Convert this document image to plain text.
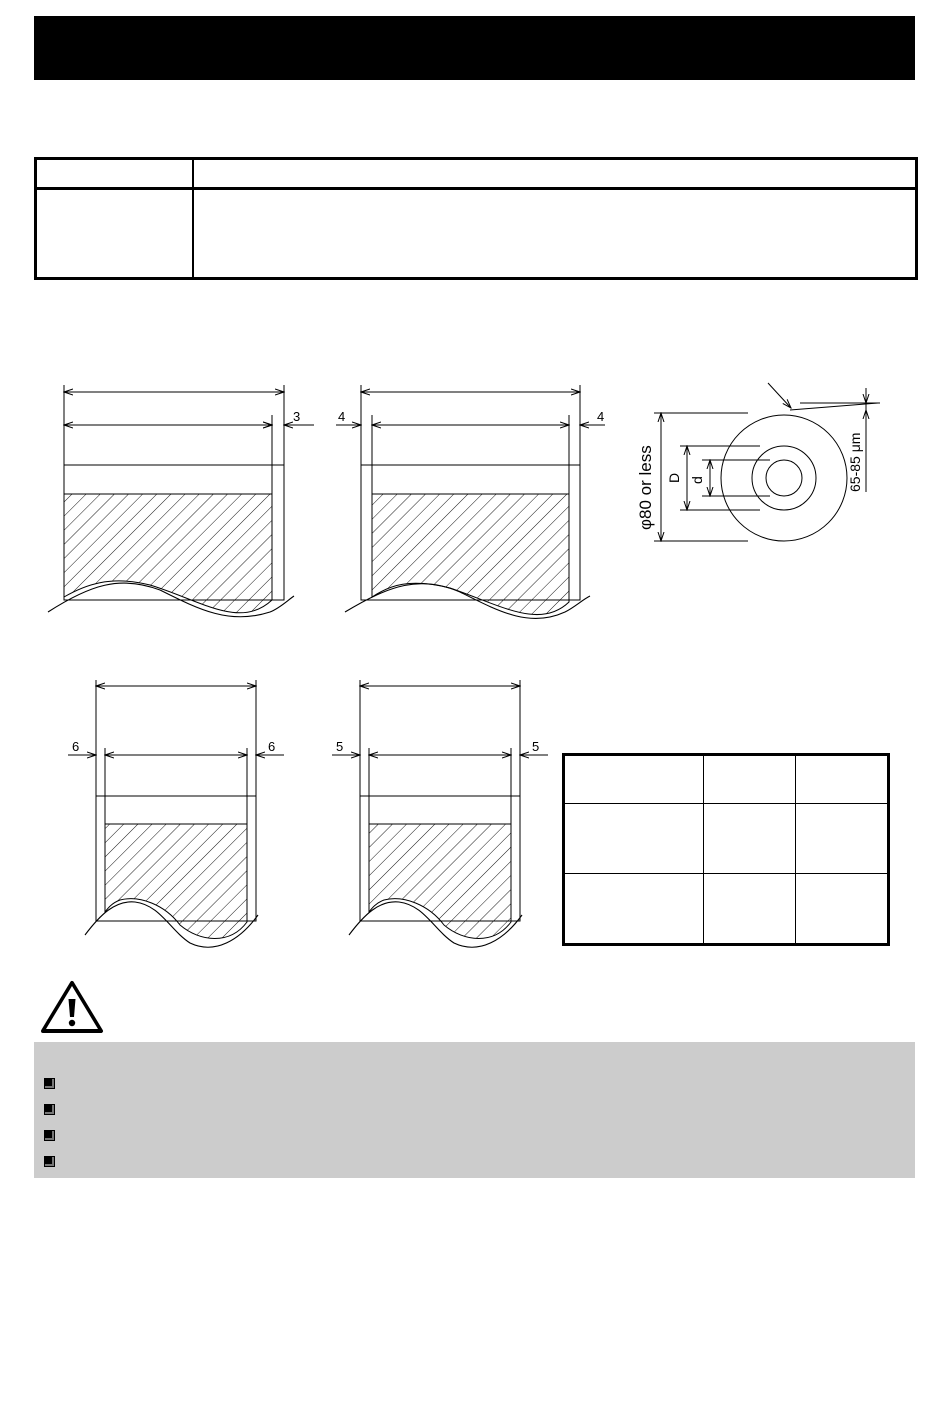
3	4	4
φ80 or less D d	65-85 μm
6	6	5	5
